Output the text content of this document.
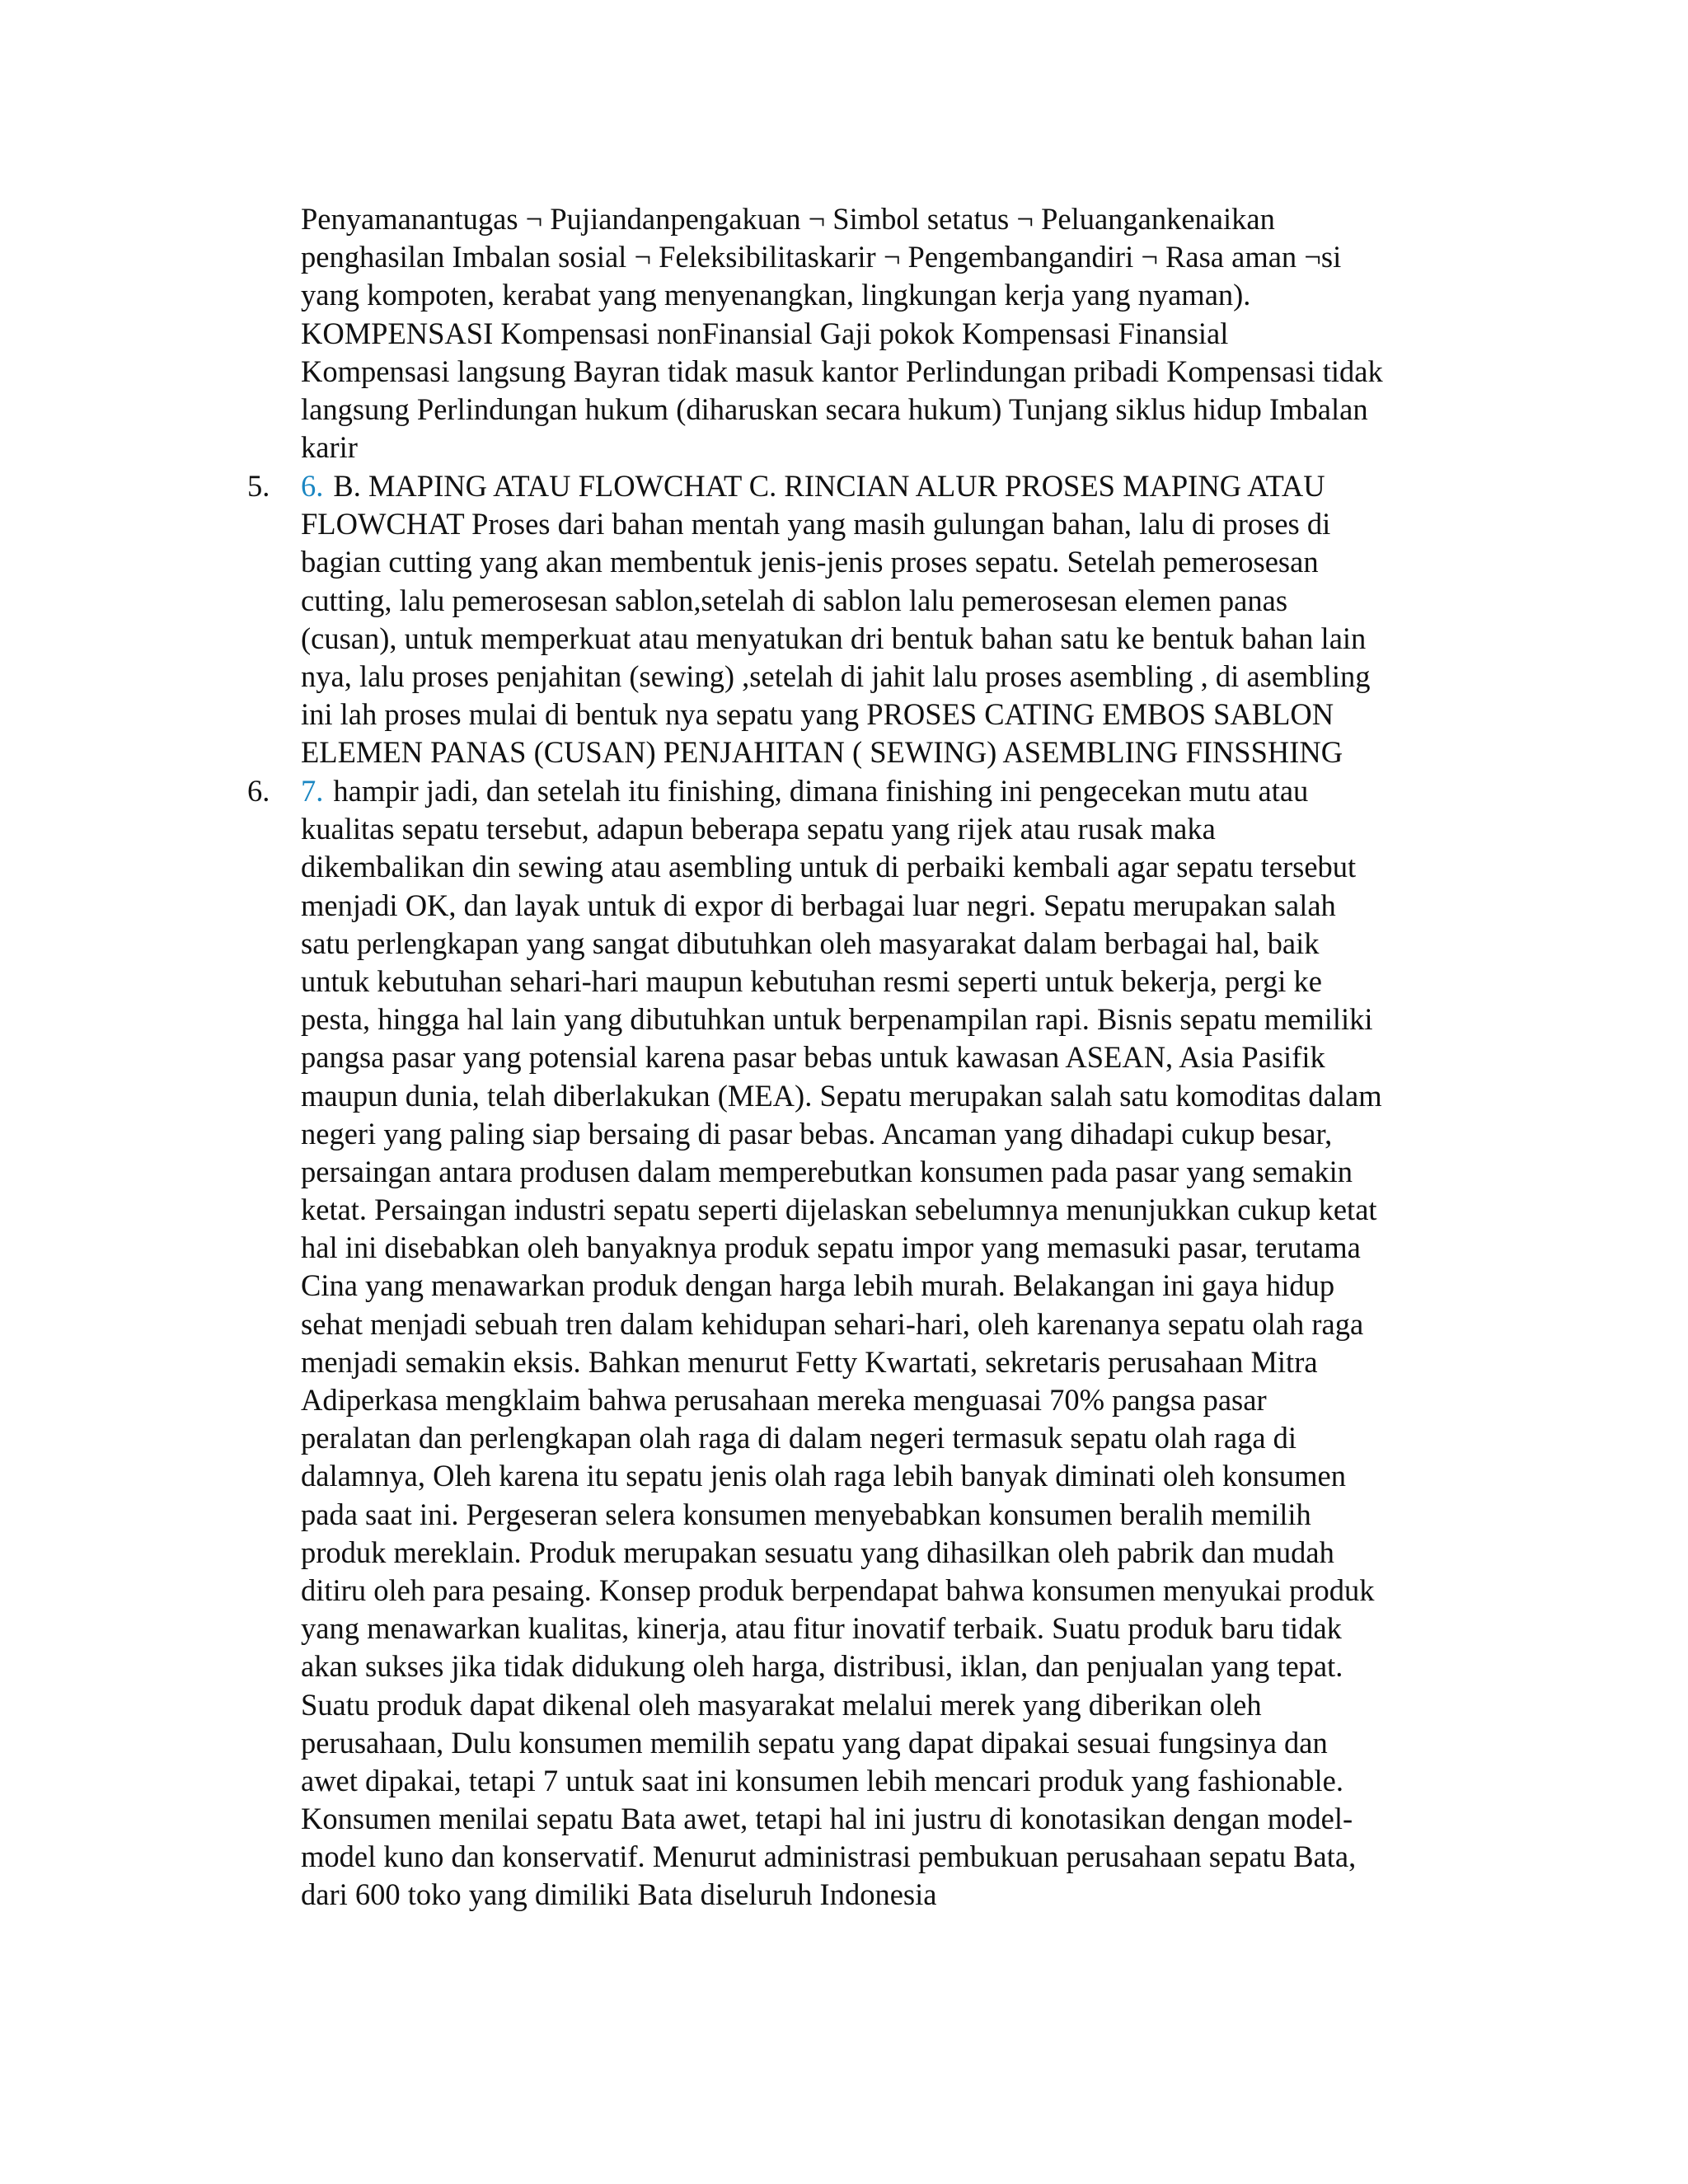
Penyamanantugas ¬ Pujiandanpengakuan ¬ Simbol setatus ¬ Peluangankenaikan
penghasilan Imbalan sosial ¬ Feleksibilitaskarir ¬ Pengembangandiri ¬ Rasa aman ¬si
yang kompoten, kerabat yang menyenangkan, lingkungan kerja yang nyaman).
KOMPENSASI Kompensasi nonFinansial Gaji pokok Kompensasi Finansial
Kompensasi langsung Bayran tidak masuk kantor Perlindungan pribadi Kompensasi tidak
langsung Perlindungan hukum (diharuskan secara hukum) Tunjang siklus hidup Imbalan
karir
5. 6. B. MAPING ATAU FLOWCHAT C. RINCIAN ALUR PROSES MAPING ATAU
FLOWCHAT Proses dari bahan mentah yang masih gulungan bahan, lalu di proses di
bagian cutting yang akan membentuk jenis-jenis proses sepatu. Setelah pemerosesan
cutting, lalu pemerosesan sablon,setelah di sablon lalu pemerosesan elemen panas
(cusan), untuk memperkuat atau menyatukan dri bentuk bahan satu ke bentuk bahan lain
nya, lalu proses penjahitan (sewing) ,setelah di jahit lalu proses asembling , di asembling
ini lah proses mulai di bentuk nya sepatu yang PROSES CATING EMBOS SABLON
ELEMEN PANAS (CUSAN) PENJAHITAN ( SEWING) ASEMBLING FINSSHING
6. 7. hampir jadi, dan setelah itu finishing, dimana finishing ini pengecekan mutu atau
kualitas sepatu tersebut, adapun beberapa sepatu yang rijek atau rusak maka
dikembalikan din sewing atau asembling untuk di perbaiki kembali agar sepatu tersebut
menjadi OK, dan layak untuk di expor di berbagai luar negri. Sepatu merupakan salah
satu perlengkapan yang sangat dibutuhkan oleh masyarakat dalam berbagai hal, baik
untuk kebutuhan sehari-hari maupun kebutuhan resmi seperti untuk bekerja, pergi ke
pesta, hingga hal lain yang dibutuhkan untuk berpenampilan rapi. Bisnis sepatu memiliki
pangsa pasar yang potensial karena pasar bebas untuk kawasan ASEAN, Asia Pasifik
maupun dunia, telah diberlakukan (MEA). Sepatu merupakan salah satu komoditas dalam
negeri yang paling siap bersaing di pasar bebas. Ancaman yang dihadapi cukup besar,
persaingan antara produsen dalam memperebutkan konsumen pada pasar yang semakin
ketat. Persaingan industri sepatu seperti dijelaskan sebelumnya menunjukkan cukup ketat
hal ini disebabkan oleh banyaknya produk sepatu impor yang memasuki pasar, terutama
Cina yang menawarkan produk dengan harga lebih murah. Belakangan ini gaya hidup
sehat menjadi sebuah tren dalam kehidupan sehari-hari, oleh karenanya sepatu olah raga
menjadi semakin eksis. Bahkan menurut Fetty Kwartati, sekretaris perusahaan Mitra
Adiperkasa mengklaim bahwa perusahaan mereka menguasai 70% pangsa pasar
peralatan dan perlengkapan olah raga di dalam negeri termasuk sepatu olah raga di
dalamnya, Oleh karena itu sepatu jenis olah raga lebih banyak diminati oleh konsumen
pada saat ini. Pergeseran selera konsumen menyebabkan konsumen beralih memilih
produk mereklain. Produk merupakan sesuatu yang dihasilkan oleh pabrik dan mudah
ditiru oleh para pesaing. Konsep produk berpendapat bahwa konsumen menyukai produk
yang menawarkan kualitas, kinerja, atau fitur inovatif terbaik. Suatu produk baru tidak
akan sukses jika tidak didukung oleh harga, distribusi, iklan, dan penjualan yang tepat.
Suatu produk dapat dikenal oleh masyarakat melalui merek yang diberikan oleh
perusahaan, Dulu konsumen memilih sepatu yang dapat dipakai sesuai fungsinya dan
awet dipakai, tetapi 7 untuk saat ini konsumen lebih mencari produk yang fashionable.
Konsumen menilai sepatu Bata awet, tetapi hal ini justru di konotasikan dengan model-
model kuno dan konservatif. Menurut administrasi pembukuan perusahaan sepatu Bata,
dari 600 toko yang dimiliki Bata diseluruh Indonesia
